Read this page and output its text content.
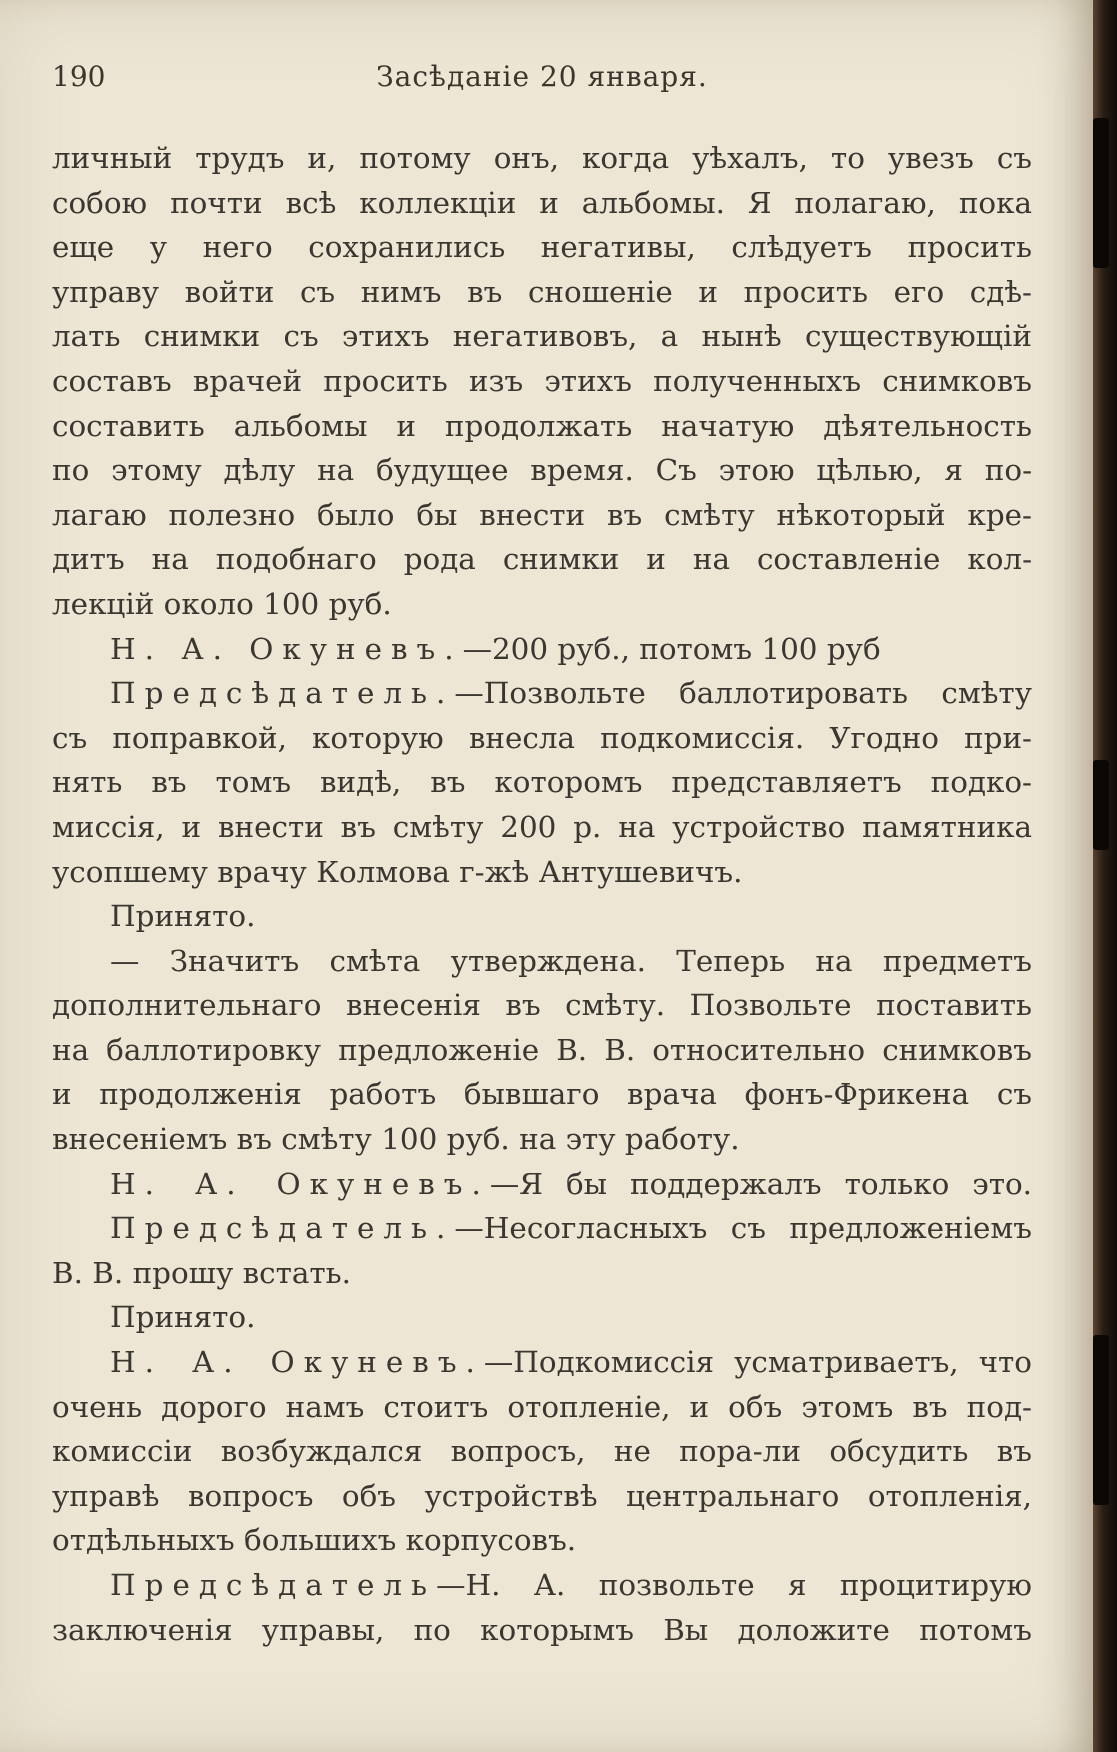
190	Засѣданіе 20 января.
личный трудъ и, потому онъ, когда уѣхалъ, то увезъ съ
собою почти всѣ коллекціи и альбомы. Я полагаю, пока
еще у него сохранились негативы, слѣдуетъ просить
управу войти съ нимъ въ сношеніе и просить его сдѣ-
лать снимки съ этихъ негативовъ, а нынѣ существующій
составъ врачей просить изъ этихъ полученныхъ снимковъ
составить альбомы и продолжать начатую дѣятельность
по этому дѣлу на будущее время. Съ этою цѣлью, я по-
лагаю полезно было бы внести въ смѣту нѣкоторый кре-
дитъ на подобнаго рода снимки и на составленіе кол-
лекцій около 100 руб.
Н. А. Окуневъ.—200 руб., потомъ 100 руб
Предсѣдатель.—Позвольте баллотировать смѣту
съ поправкой, которую внесла подкомиссія. Угодно при-
нять въ томъ видѣ, въ которомъ представляетъ подко-
миссія, и внести въ смѣту 200 р. на устройство памятника
усопшему врачу Колмова г-жѣ Антушевичъ.
Принято.
— Значитъ смѣта утверждена. Теперь на предметъ
дополнительнаго внесенія въ смѣту. Позвольте поставить
на баллотировку предложеніе В. В. относительно снимковъ
и продолженія работъ бывшаго врача фонъ-Фрикена съ
внесеніемъ въ смѣту 100 руб. на эту работу.
Н. А. Окуневъ.—Я бы поддержалъ только это.
Предсѣдатель.—Несогласныхъ съ предложеніемъ
В. В. прошу встать.
Принято.
Н. А. Окуневъ.—Подкомиссія усматриваетъ, что
очень дорого намъ стоитъ отопленіе, и объ этомъ въ под-
комиссіи возбуждался вопросъ, не пора-ли обсудить въ
управѣ вопросъ объ устройствѣ центральнаго отопленія,
отдѣльныхъ большихъ корпусовъ.
Предсѣдатель—Н. А. позвольте я процитирую
заключенія управы, по которымъ Вы доложите потомъ
